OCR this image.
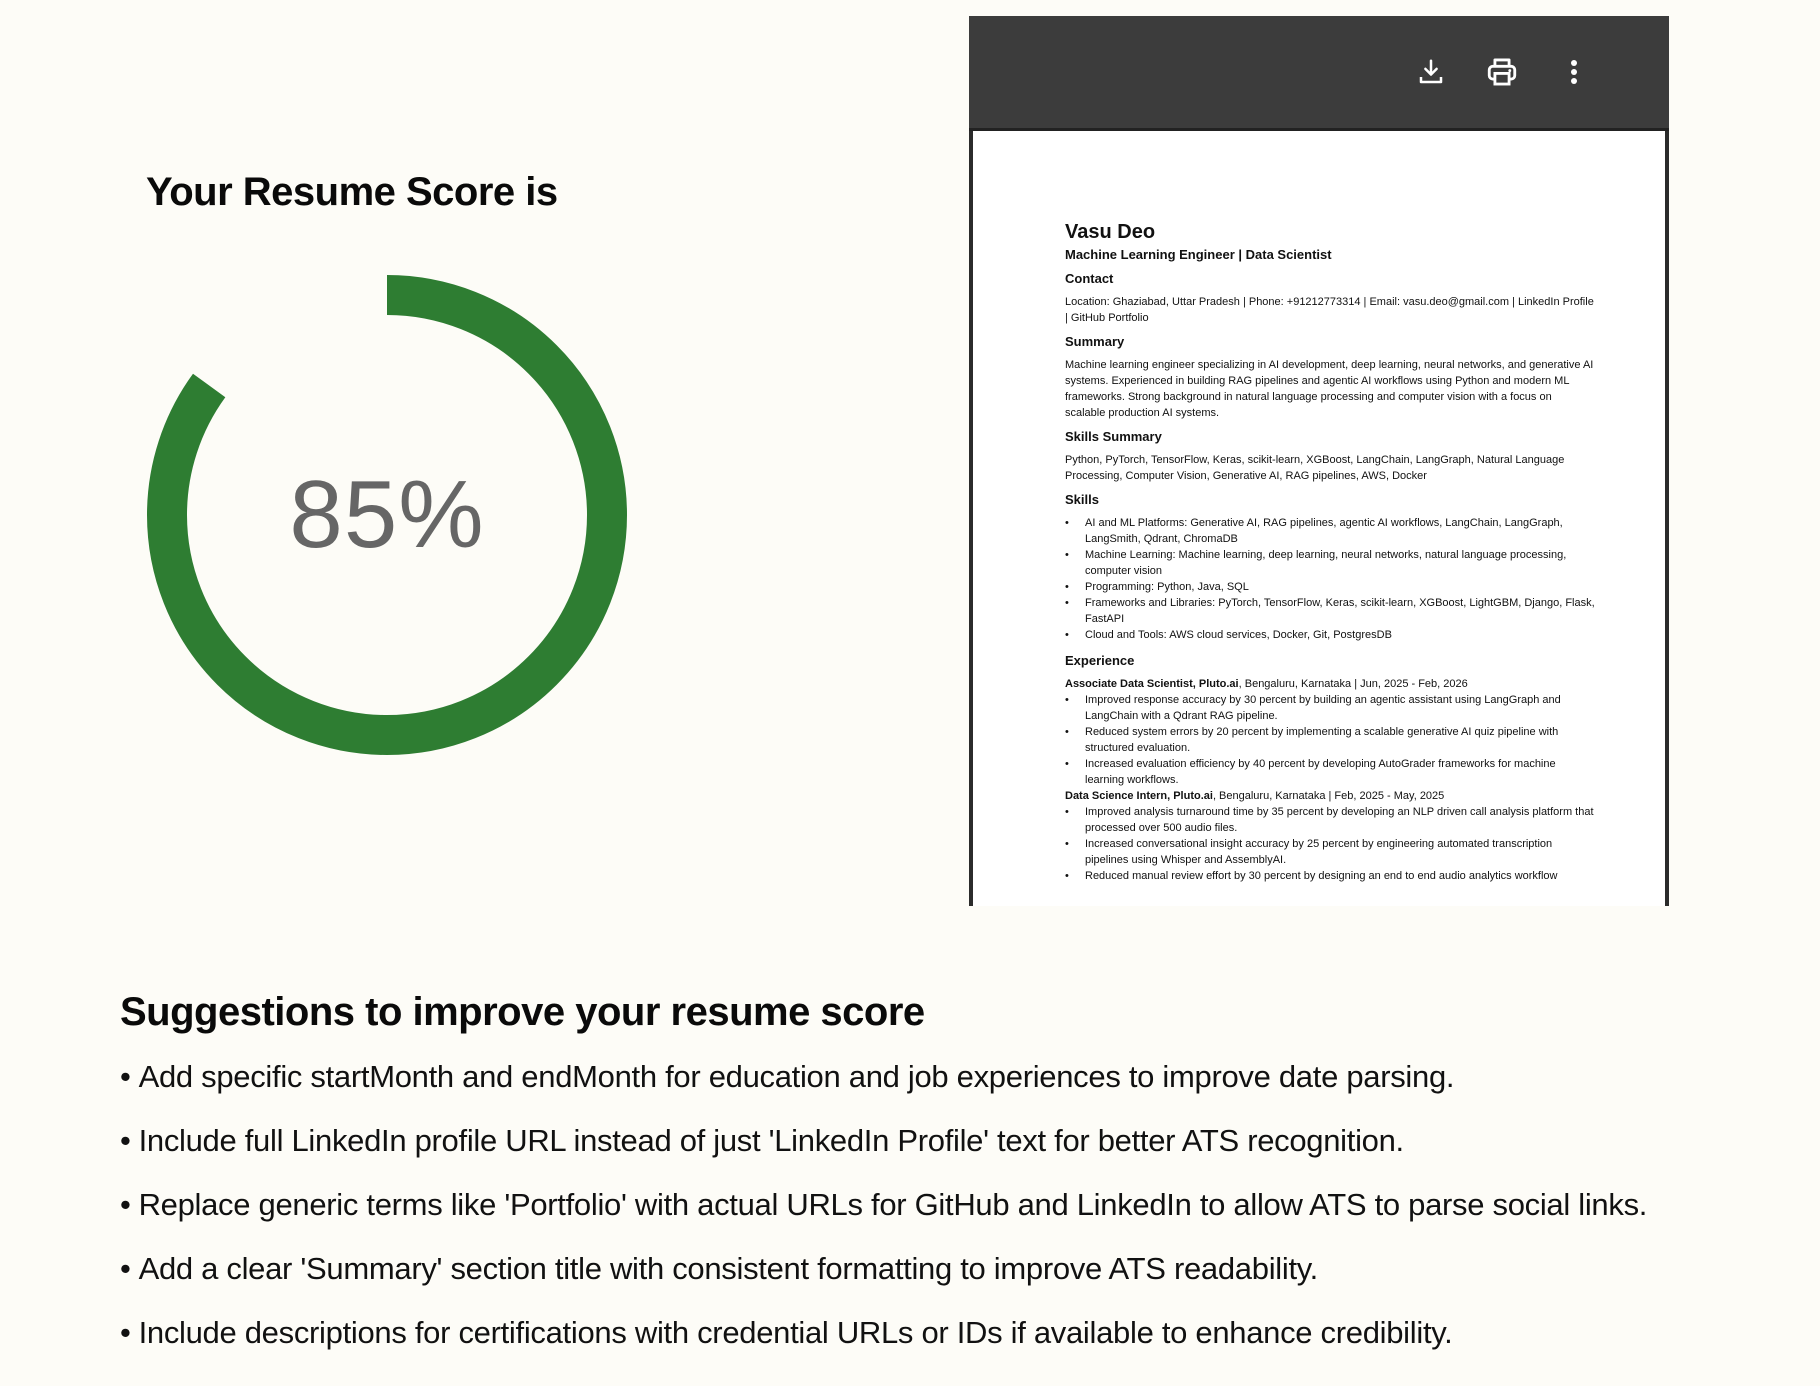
Your Resume Score is
85%
Vasu Deo
Machine Learning Engineer | Data Scientist
Contact

Location: Ghaziabad, Uttar Pradesh | Phone: +91212773314 | Email: vasu.deo@gmail.com | LinkedIn Profile | GitHub Portfolio

Summary

Machine learning engineer specializing in AI development, deep learning, neural networks, and generative AI systems. Experienced in building RAG pipelines and agentic AI workflows using Python and modern ML frameworks. Strong background in natural language processing and computer vision with a focus on scalable production AI systems.

Skills Summary

Python, PyTorch, TensorFlow, Keras, scikit-learn, XGBoost, LangChain, LangGraph, Natural Language Processing, Computer Vision, Generative AI, RAG pipelines, AWS, Docker

Skills
• AI and ML Platforms: Generative AI, RAG pipelines, agentic AI workflows, LangChain, LangGraph, LangSmith, Qdrant, ChromaDB
• Machine Learning: Machine learning, deep learning, neural networks, natural language processing, computer vision
• Programming: Python, Java, SQL
• Frameworks and Libraries: PyTorch, TensorFlow, Keras, scikit-learn, XGBoost, LightGBM, Django, Flask, FastAPI
• Cloud and Tools: AWS cloud services, Docker, Git, PostgresDB
Experience
Associate Data Scientist, Pluto.ai, Bengaluru, Karnataka | Jun, 2025 - Feb, 2026
• Improved response accuracy by 30 percent by building an agentic assistant using LangGraph and LangChain with a Qdrant RAG pipeline.
• Reduced system errors by 20 percent by implementing a scalable generative AI quiz pipeline with structured evaluation.
• Increased evaluation efficiency by 40 percent by developing AutoGrader frameworks for machine learning workflows.
Data Science Intern, Pluto.ai, Bengaluru, Karnataka | Feb, 2025 - May, 2025
• Improved analysis turnaround time by 35 percent by developing an NLP driven call analysis platform that processed over 500 audio files.
• Increased conversational insight accuracy by 25 percent by engineering automated transcription pipelines using Whisper and AssemblyAI.
• Reduced manual review effort by 30 percent by designing an end to end audio analytics workflow
Suggestions to improve your resume score
• Add specific startMonth and endMonth for education and job experiences to improve date parsing.
• Include full LinkedIn profile URL instead of just 'LinkedIn Profile' text for better ATS recognition.
• Replace generic terms like 'Portfolio' with actual URLs for GitHub and LinkedIn to allow ATS to parse social links.
• Add a clear 'Summary' section title with consistent formatting to improve ATS readability.
• Include descriptions for certifications with credential URLs or IDs if available to enhance credibility.
